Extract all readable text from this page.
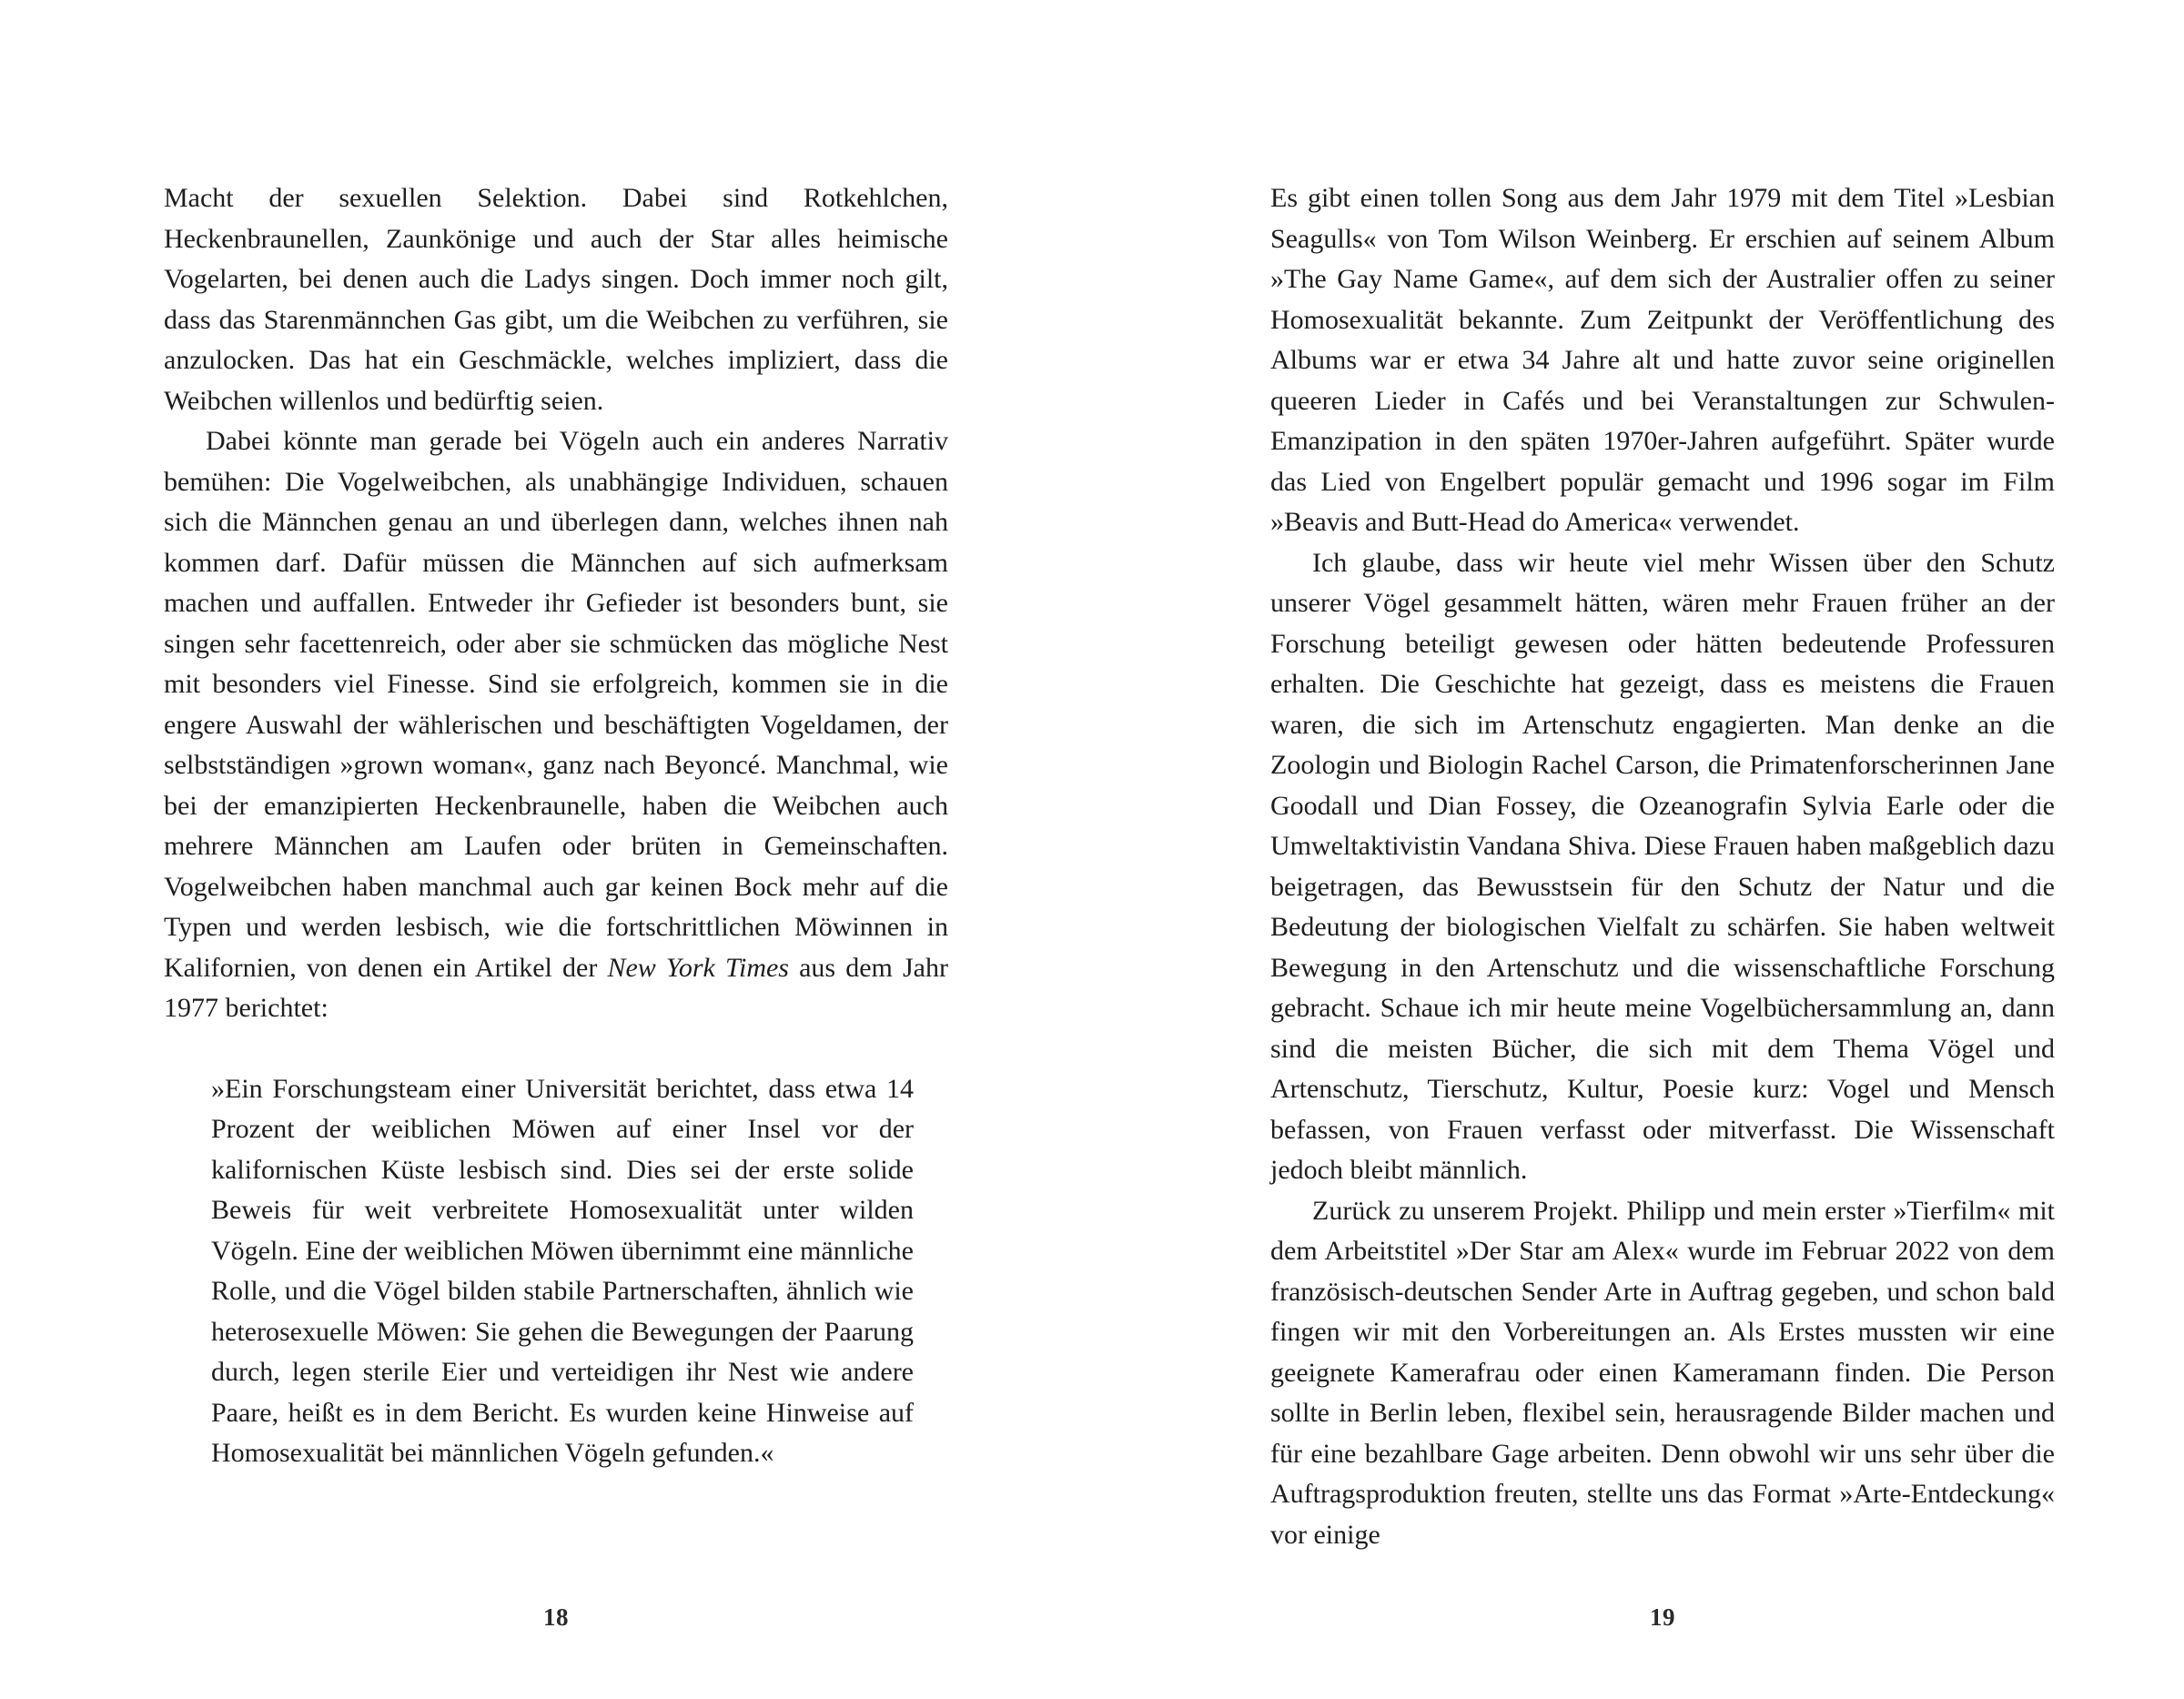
Macht der sexuellen Selektion. Dabei sind Rotkehlchen, Heckenbraunellen, Zaunkönige und auch der Star alles heimische Vogelarten, bei denen auch die Ladys singen. Doch immer noch gilt, dass das Starenmännchen Gas gibt, um die Weibchen zu verführen, sie anzulocken. Das hat ein Geschmäckle, welches impliziert, dass die Weibchen willenlos und bedürftig seien.

Dabei könnte man gerade bei Vögeln auch ein anderes Narrativ bemühen: Die Vogelweibchen, als unabhängige Individuen, schauen sich die Männchen genau an und überlegen dann, welches ihnen nah kommen darf. Dafür müssen die Männchen auf sich aufmerksam machen und auffallen. Entweder ihr Gefieder ist besonders bunt, sie singen sehr facettenreich, oder aber sie schmücken das mögliche Nest mit besonders viel Finesse. Sind sie erfolgreich, kommen sie in die engere Auswahl der wählerischen und beschäftigten Vogeldamen, der selbstständigen »grown woman«, ganz nach Beyoncé. Manchmal, wie bei der emanzipierten Heckenbraunelle, haben die Weibchen auch mehrere Männchen am Laufen oder brüten in Gemeinschaften. Vogelweibchen haben manchmal auch gar keinen Bock mehr auf die Typen und werden lesbisch, wie die fortschrittlichen Möwinnen in Kalifornien, von denen ein Artikel der New York Times aus dem Jahr 1977 berichtet:

»Ein Forschungsteam einer Universität berichtet, dass etwa 14 Prozent der weiblichen Möwen auf einer Insel vor der kalifornischen Küste lesbisch sind. Dies sei der erste solide Beweis für weit verbreitete Homosexualität unter wilden Vögeln. Eine der weiblichen Möwen übernimmt eine männliche Rolle, und die Vögel bilden stabile Partnerschaften, ähnlich wie heterosexuelle Möwen: Sie gehen die Bewegungen der Paarung durch, legen sterile Eier und verteidigen ihr Nest wie andere Paare, heißt es in dem Bericht. Es wurden keine Hinweise auf Homosexualität bei männlichen Vögeln gefunden.«
18

Es gibt einen tollen Song aus dem Jahr 1979 mit dem Titel »Lesbian Seagulls« von Tom Wilson Weinberg. Er erschien auf seinem Album »The Gay Name Game«, auf dem sich der Australier offen zu seiner Homosexualität bekannte. Zum Zeitpunkt der Veröffentlichung des Albums war er etwa 34 Jahre alt und hatte zuvor seine originellen queeren Lieder in Cafés und bei Veranstaltungen zur Schwulen-Emanzipation in den späten 1970er-Jahren aufgeführt. Später wurde das Lied von Engelbert populär gemacht und 1996 sogar im Film »Beavis and Butt-Head do America« verwendet.

Ich glaube, dass wir heute viel mehr Wissen über den Schutz unserer Vögel gesammelt hätten, wären mehr Frauen früher an der Forschung beteiligt gewesen oder hätten bedeutende Professuren erhalten. Die Geschichte hat gezeigt, dass es meistens die Frauen waren, die sich im Artenschutz engagierten. Man denke an die Zoologin und Biologin Rachel Carson, die Primatenforscherinnen Jane Goodall und Dian Fossey, die Ozeanografin Sylvia Earle oder die Umweltaktivistin Vandana Shiva. Diese Frauen haben maßgeblich dazu beigetragen, das Bewusstsein für den Schutz der Natur und die Bedeutung der biologischen Vielfalt zu schärfen. Sie haben weltweit Bewegung in den Artenschutz und die wissenschaftliche Forschung gebracht. Schaue ich mir heute meine Vogelbüchersammlung an, dann sind die meisten Bücher, die sich mit dem Thema Vögel und Artenschutz, Tierschutz, Kultur, Poesie kurz: Vogel und Mensch befassen, von Frauen verfasst oder mitverfasst. Die Wissenschaft jedoch bleibt männlich.

Zurück zu unserem Projekt. Philipp und mein erster »Tierfilm« mit dem Arbeitstitel »Der Star am Alex« wurde im Februar 2022 von dem französisch-deutschen Sender Arte in Auftrag gegeben, und schon bald fingen wir mit den Vorbereitungen an. Als Erstes mussten wir eine geeignete Kamerafrau oder einen Kameramann finden. Die Person sollte in Berlin leben, flexibel sein, herausragende Bilder machen und für eine bezahlbare Gage arbeiten. Denn obwohl wir uns sehr über die Auftragsproduktion freuten, stellte uns das Format »Arte-Entdeckung« vor einige

19
